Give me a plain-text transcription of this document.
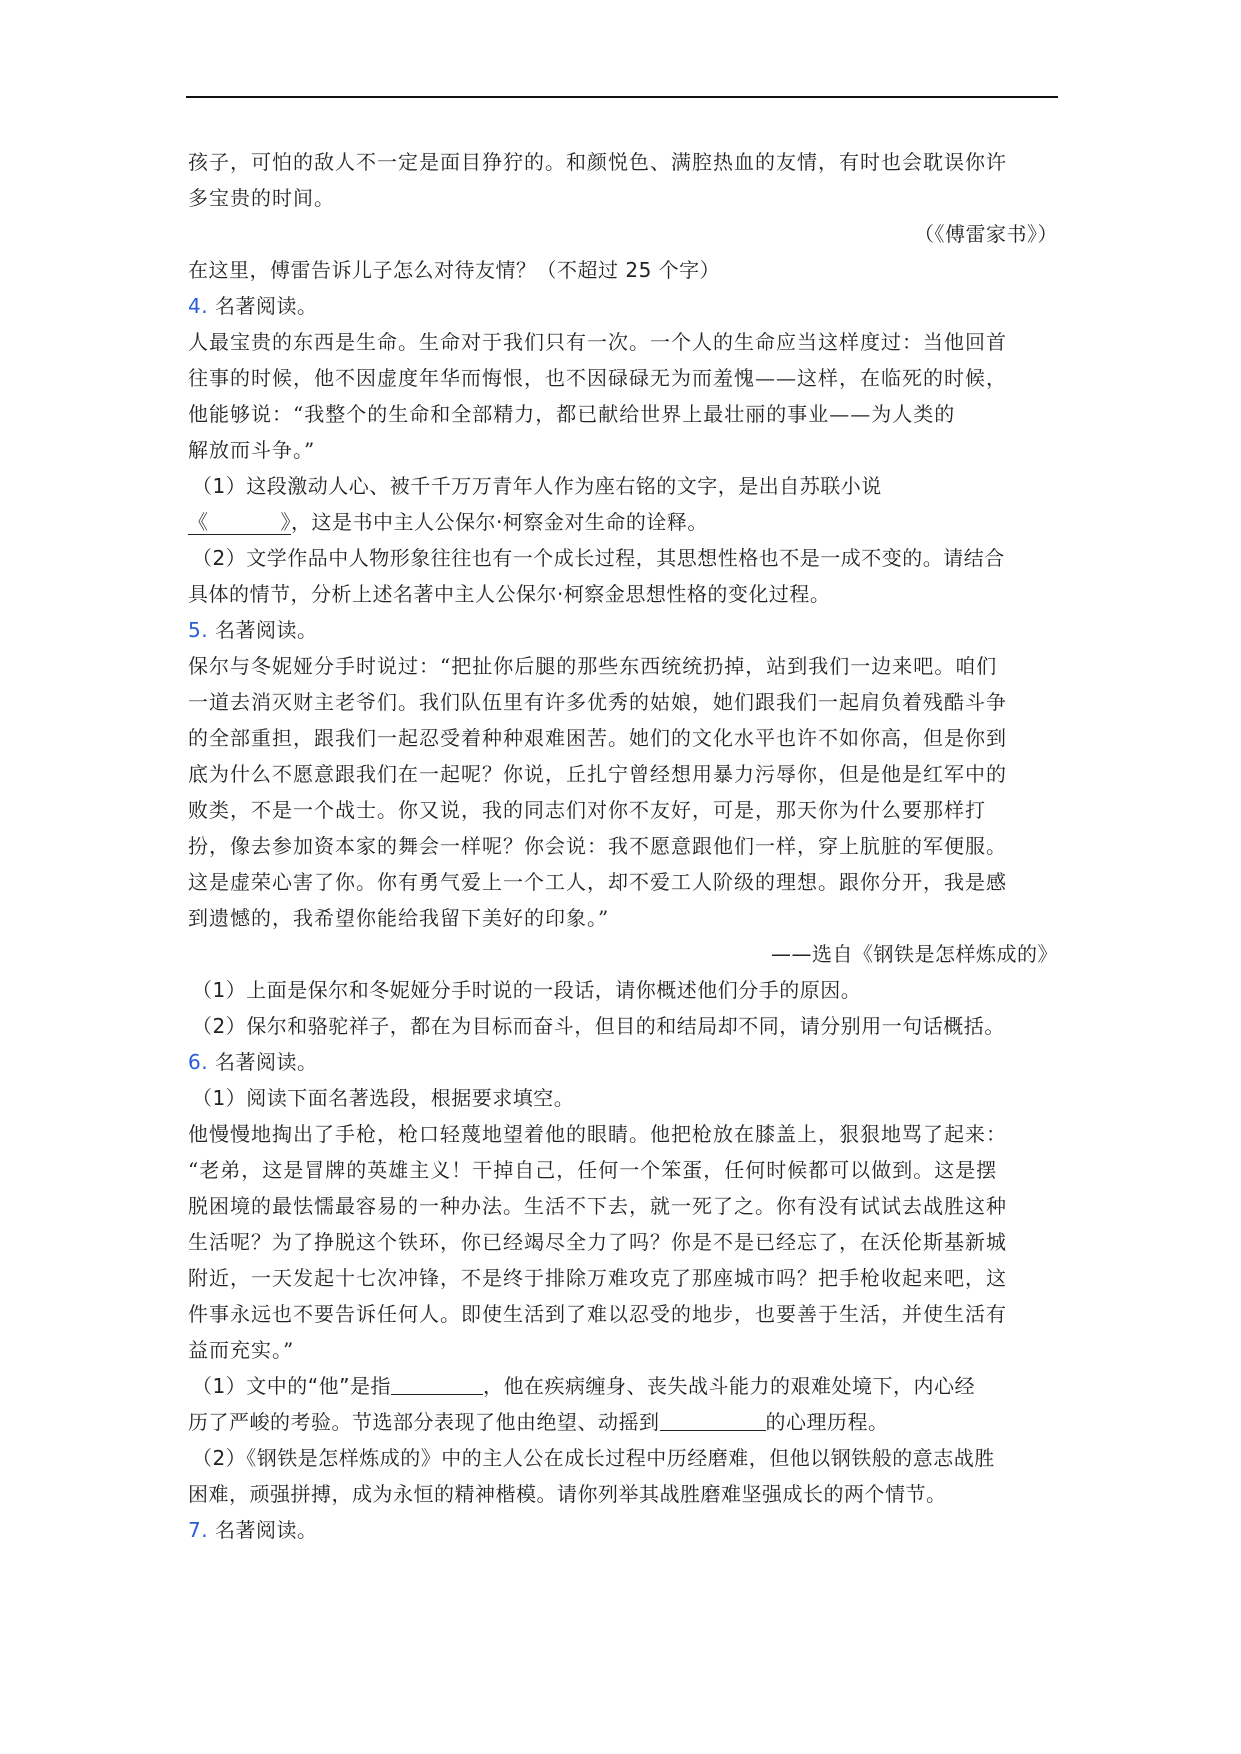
孩子，可怕的敌人不一定是面目狰狞的。和颜悦色、满腔热血的友情，有时也会耽误你许
多宝贵的时间。
（《傅雷家书》）
在这里，傅雷告诉儿子怎么对待友情？（不超过 25 个字）
4. 名著阅读。
人最宝贵的东西是生命。生命对于我们只有一次。一个人的生命应当这样度过：当他回首
往事的时候，他不因虚度年华而悔恨，也不因碌碌无为而羞愧——这样，在临死的时候，
他能够说：“我整个的生命和全部精力，都已献给世界上最壮丽的事业——为人类的
解放而斗争。”
（1）这段激动人心、被千千万万青年人作为座右铭的文字，是出自苏联小说
《	》，这是书中主人公保尔·柯察金对生命的诠释。
（2）文学作品中人物形象往往也有一个成长过程，其思想性格也不是一成不变的。请结合
具体的情节，分析上述名著中主人公保尔·柯察金思想性格的变化过程。
5. 名著阅读。
保尔与冬妮娅分手时说过：“把扯你后腿的那些东西统统扔掉，站到我们一边来吧。咱们
一道去消灭财主老爷们。我们队伍里有许多优秀的姑娘，她们跟我们一起肩负着残酷斗争
的全部重担，跟我们一起忍受着种种艰难困苦。她们的文化水平也许不如你高，但是你到
底为什么不愿意跟我们在一起呢？你说，丘扎宁曾经想用暴力污辱你，但是他是红军中的
败类，不是一个战士。你又说，我的同志们对你不友好，可是，那天你为什么要那样打
扮，像去参加资本家的舞会一样呢？你会说：我不愿意跟他们一样，穿上肮脏的军便服。
这是虚荣心害了你。你有勇气爱上一个工人，却不爱工人阶级的理想。跟你分开，我是感
到遗憾的，我希望你能给我留下美好的印象。”
——选自《钢铁是怎样炼成的》
（1）上面是保尔和冬妮娅分手时说的一段话，请你概述他们分手的原因。
（2）保尔和骆驼祥子，都在为目标而奋斗，但目的和结局却不同，请分别用一句话概括。
6. 名著阅读。
（1）阅读下面名著选段，根据要求填空。
他慢慢地掏出了手枪，枪口轻蔑地望着他的眼睛。他把枪放在膝盖上，狠狠地骂了起来：
“老弟，这是冒牌的英雄主义！干掉自己，任何一个笨蛋，任何时候都可以做到。这是摆
脱困境的最怯懦最容易的一种办法。生活不下去，就一死了之。你有没有试试去战胜这种
生活呢？为了挣脱这个铁环，你已经竭尽全力了吗？你是不是已经忘了，在沃伦斯基新城
附近，一天发起十七次冲锋，不是终于排除万难攻克了那座城市吗？把手枪收起来吧，这
件事永远也不要告诉任何人。即使生活到了难以忍受的地步，也要善于生活，并使生活有
益而充实。”
（1）文中的“他”是指	，他在疾病缠身、丧失战斗能力的艰难处境下，内心经
历了严峻的考验。节选部分表现了他由绝望、动摇到	的心理历程。
（2）《钢铁是怎样炼成的》中的主人公在成长过程中历经磨难，但他以钢铁般的意志战胜
困难，顽强拼搏，成为永恒的精神楷模。请你列举其战胜磨难坚强成长的两个情节。
7. 名著阅读。
